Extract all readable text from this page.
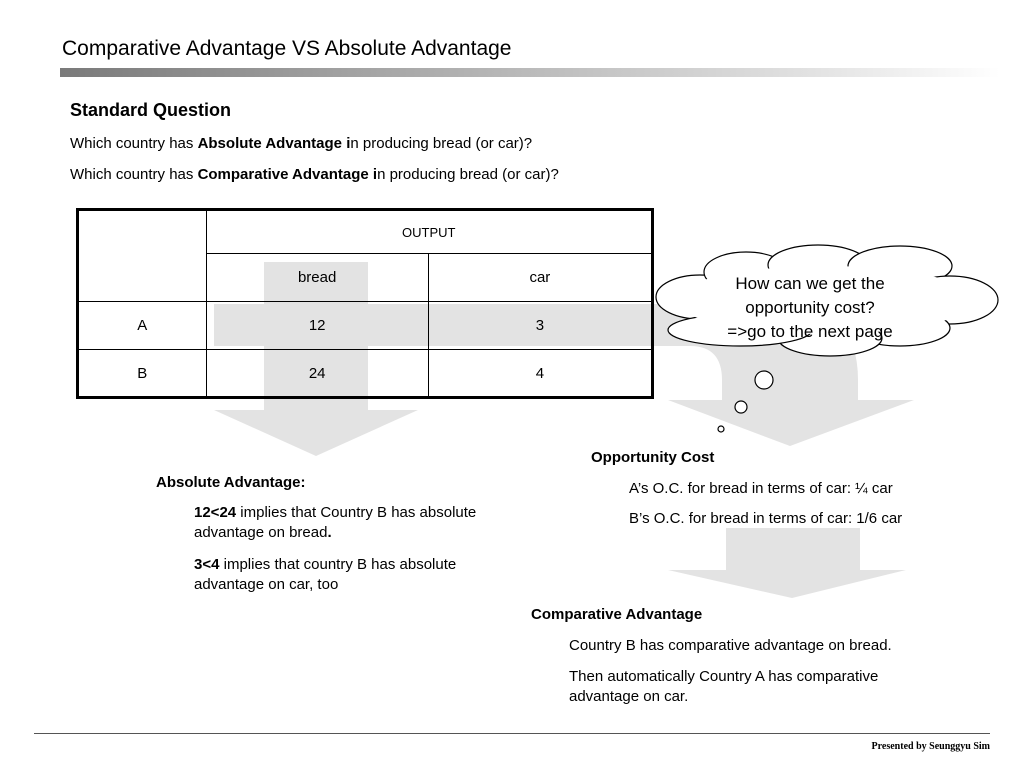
Comparative Advantage VS Absolute Advantage
Standard Question
Which country has Absolute Advantage in producing bread (or car)?
Which country has Comparative Advantage in producing bread (or car)?
	OUTPUT	
	bread	car
A	12	3
B	24	4
How can we get the
opportunity cost?
=>go to the next page
Absolute Advantage:
12<24 implies that Country B has absolute advantage on bread.
3<4 implies that country B has absolute advantage on car, too
Opportunity Cost
A’s O.C. for bread in terms of car: ¼ car
B’s O.C. for bread in terms of car: 1/6 car
Comparative Advantage
Country B has comparative advantage on bread.
Then automatically Country A has comparative advantage on car.
Presented by Seunggyu Sim
